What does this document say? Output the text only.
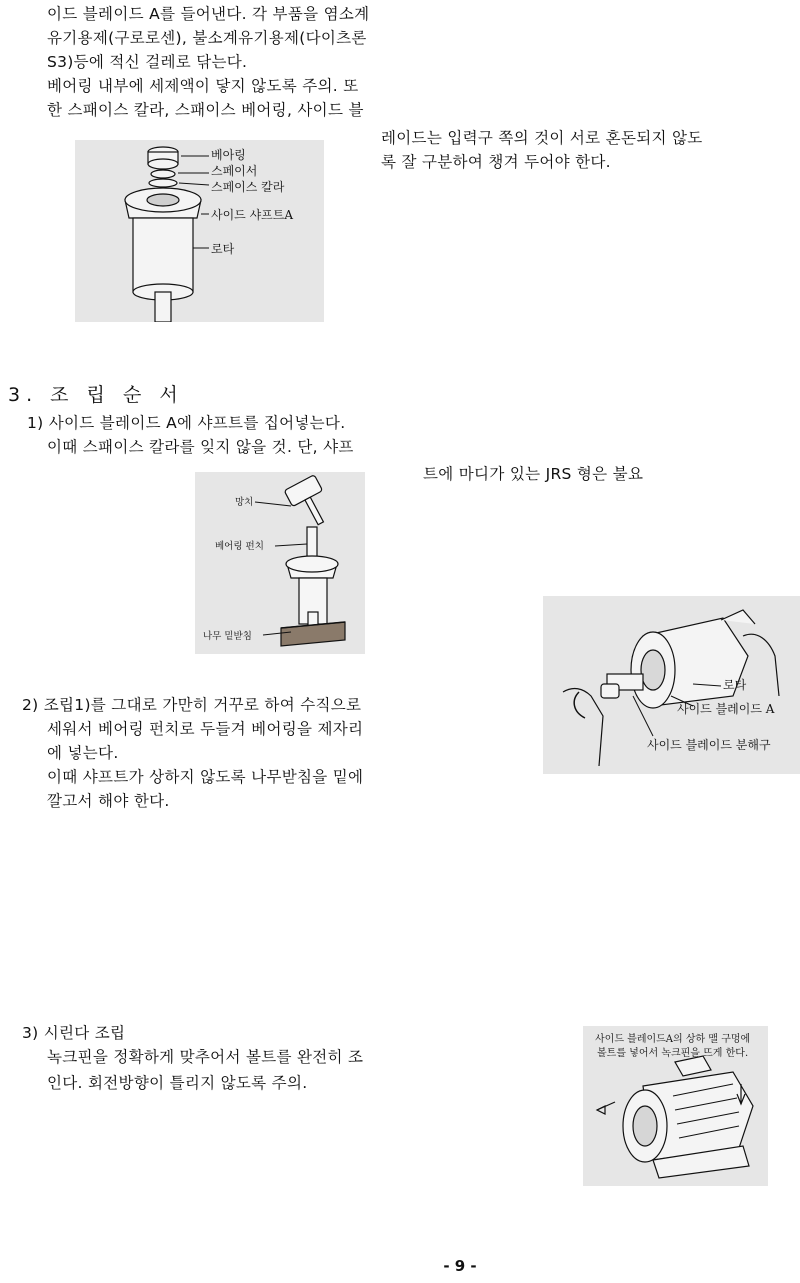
이드 블레이드 A를 들어낸다. 각 부품을 염소계
유기용제(구로로센), 불소계유기용제(다이츠론
S3)등에 적신 걸레로 닦는다.
베어링 내부에 세제액이 닿지 않도록 주의. 또
한 스패이스 칼라, 스패이스 베어링, 사이드 블
레이드는 입력구 쪽의 것이 서로 혼돈되지 않도
록 잘 구분하여 챙겨 두어야 한다.
베아링
스페이서
스페이스 칼라
사이드 샤프트A
로타
3. 조 립 순 서
1) 사이드 블레이드 A에 샤프트를 집어넣는다.
이때 스패이스 칼라를 잊지 않을 것. 단, 샤프
트에 마디가 있는 JRS 형은 불요
망치
베어링 펀치
나무 밑받침
로타
사이드 블레이드 A
사이드 블레이드 분해구
2) 조립1)를 그대로 가만히 거꾸로 하여 수직으로
세워서 베어링 펀치로 두들겨 베어링을 제자리
에 넣는다.
이때 샤프트가 상하지 않도록 나무받침을 밑에
깔고서 해야 한다.
3) 시린다 조립
녹크핀을 정확하게 맞추어서 볼트를 완전히 조
인다. 회전방향이 틀리지 않도록 주의.
사이드 블레이드A의 상하 맬 구멍에
볼트를 넣어서 녹크핀을 뜨게 한다.
- 9 -
